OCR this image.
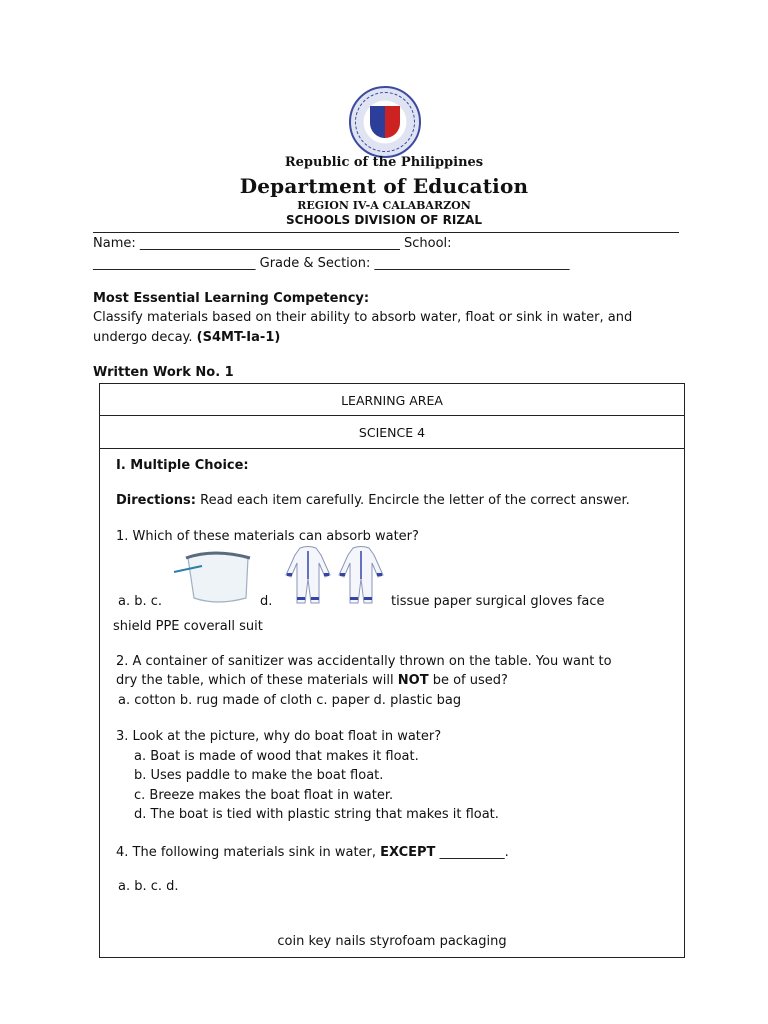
Republic of the Philippines
Department of Education
REGION IV-A CALABARZON
SCHOOLS DIVISION OF RIZAL
Name: ________________________________________ School:
_________________________ Grade & Section: ______________________________
Most Essential Learning Competency:
Classify materials based on their ability to absorb water, float or sink in water, and
undergo decay. (S4MT-Ia-1)
Written Work No. 1
LEARNING AREA
SCIENCE 4
I. Multiple Choice:
Directions: Read each item carefully. Encircle the letter of the correct answer.
1. Which of these materials can absorb water?
a. b. c.	d.	tissue paper surgical gloves face
shield PPE coverall suit
2. A container of sanitizer was accidentally thrown on the table. You want to
dry the table, which of these materials will NOT be of used?
a. cotton b. rug made of cloth c. paper d. plastic bag
3. Look at the picture, why do boat float in water?
a. Boat is made of wood that makes it float.
b. Uses paddle to make the boat float.
c. Breeze makes the boat float in water.
d. The boat is tied with plastic string that makes it float.
4. The following materials sink in water, EXCEPT __________.
a. b. c. d.
coin key nails styrofoam packaging
